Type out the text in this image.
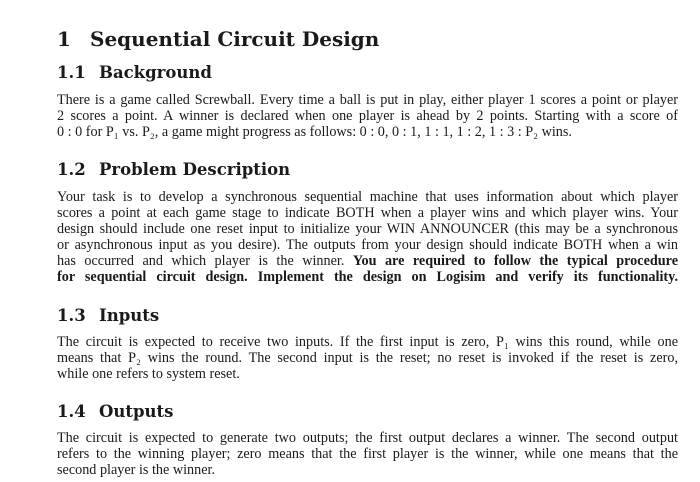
1 Sequential Circuit Design
1.1 Background
There is a game called Screwball. Every time a ball is put in play, either player 1 scores a point or player
2 scores a point. A winner is declared when one player is ahead by 2 points. Starting with a score of
0 : 0 for P₁ vs. P₂, a game might progress as follows: 0 : 0, 0 : 1, 1 : 1, 1 : 2, 1 : 3 : P₂ wins.
1.2 Problem Description
Your task is to develop a synchronous sequential machine that uses information about which player
scores a point at each game stage to indicate BOTH when a player wins and which player wins. Your
design should include one reset input to initialize your WIN ANNOUNCER (this may be a synchronous
or asynchronous input as you desire). The outputs from your design should indicate BOTH when a win
has occurred and which player is the winner. You are required to follow the typical procedure
for sequential circuit design. Implement the design on Logisim and verify its functionality.
1.3 Inputs
The circuit is expected to receive two inputs. If the first input is zero, P₁ wins this round, while one
means that P₂ wins the round. The second input is the reset; no reset is invoked if the reset is zero,
while one refers to system reset.
1.4 Outputs
The circuit is expected to generate two outputs; the first output declares a winner. The second output
refers to the winning player; zero means that the first player is the winner, while one means that the
second player is the winner.
